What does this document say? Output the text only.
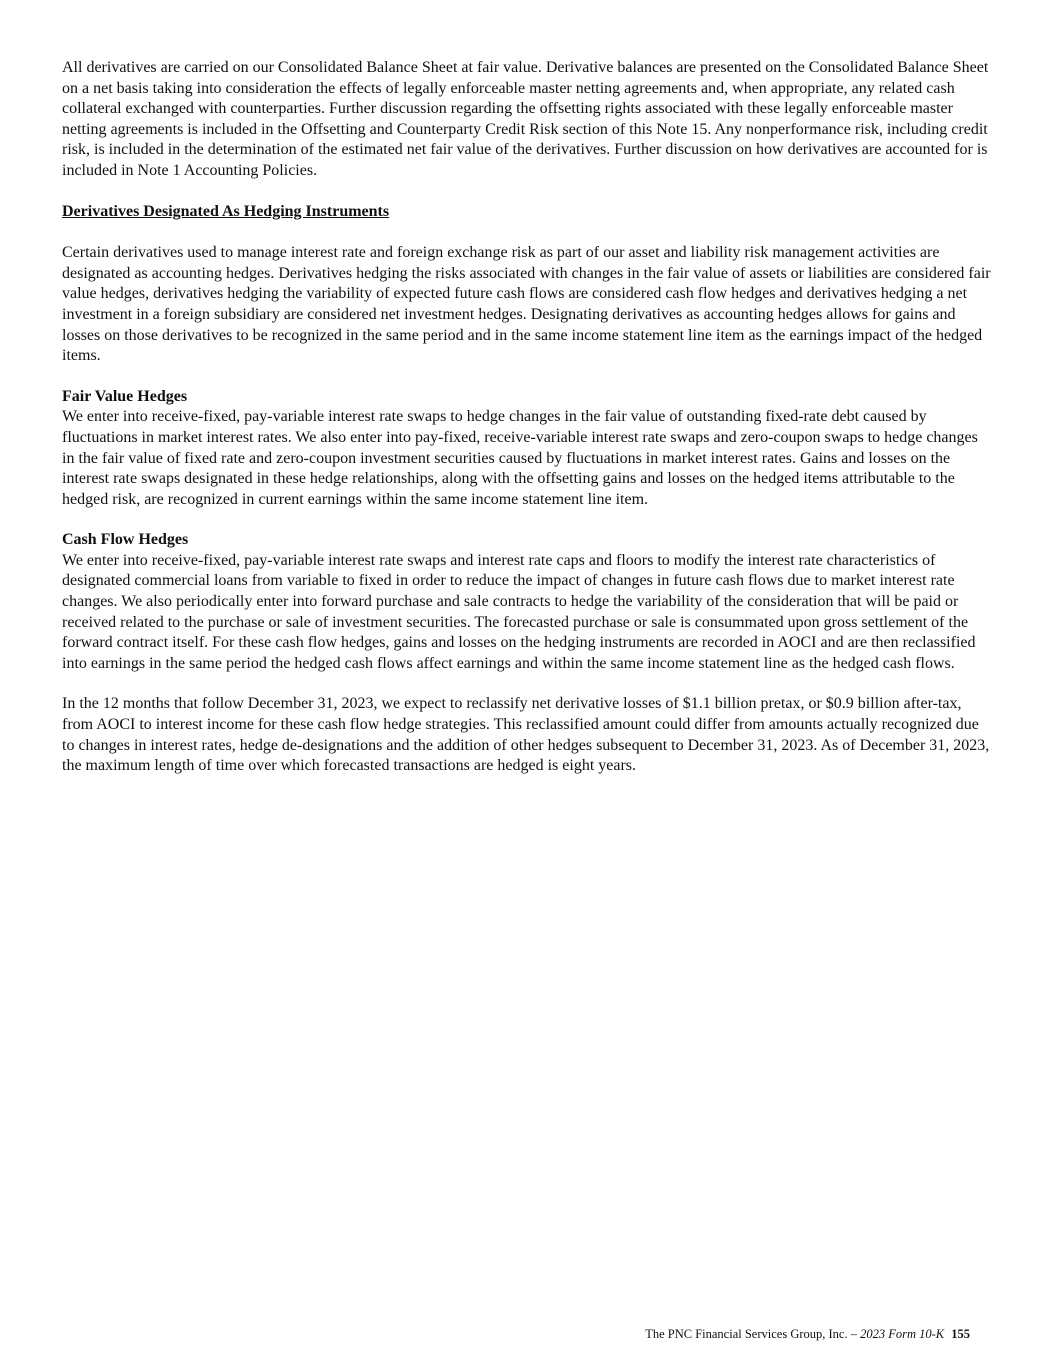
All derivatives are carried on our Consolidated Balance Sheet at fair value. Derivative balances are presented on the Consolidated Balance Sheet on a net basis taking into consideration the effects of legally enforceable master netting agreements and, when appropriate, any related cash collateral exchanged with counterparties. Further discussion regarding the offsetting rights associated with these legally enforceable master netting agreements is included in the Offsetting and Counterparty Credit Risk section of this Note 15. Any nonperformance risk, including credit risk, is included in the determination of the estimated net fair value of the derivatives. Further discussion on how derivatives are accounted for is included in Note 1 Accounting Policies.

Derivatives Designated As Hedging Instruments

Certain derivatives used to manage interest rate and foreign exchange risk as part of our asset and liability risk management activities are designated as accounting hedges. Derivatives hedging the risks associated with changes in the fair value of assets or liabilities are considered fair value hedges, derivatives hedging the variability of expected future cash flows are considered cash flow hedges and derivatives hedging a net investment in a foreign subsidiary are considered net investment hedges. Designating derivatives as accounting hedges allows for gains and losses on those derivatives to be recognized in the same period and in the same income statement line item as the earnings impact of the hedged items.

Fair Value Hedges

We enter into receive-fixed, pay-variable interest rate swaps to hedge changes in the fair value of outstanding fixed-rate debt caused by fluctuations in market interest rates. We also enter into pay-fixed, receive-variable interest rate swaps and zero-coupon swaps to hedge changes in the fair value of fixed rate and zero-coupon investment securities caused by fluctuations in market interest rates. Gains and losses on the interest rate swaps designated in these hedge relationships, along with the offsetting gains and losses on the hedged items attributable to the hedged risk, are recognized in current earnings within the same income statement line item.

Cash Flow Hedges

We enter into receive-fixed, pay-variable interest rate swaps and interest rate caps and floors to modify the interest rate characteristics of designated commercial loans from variable to fixed in order to reduce the impact of changes in future cash flows due to market interest rate changes. We also periodically enter into forward purchase and sale contracts to hedge the variability of the consideration that will be paid or received related to the purchase or sale of investment securities. The forecasted purchase or sale is consummated upon gross settlement of the forward contract itself. For these cash flow hedges, gains and losses on the hedging instruments are recorded in AOCI and are then reclassified into earnings in the same period the hedged cash flows affect earnings and within the same income statement line as the hedged cash flows.

In the 12 months that follow December 31, 2023, we expect to reclassify net derivative losses of $1.1 billion pretax, or $0.9 billion after-tax, from AOCI to interest income for these cash flow hedge strategies. This reclassified amount could differ from amounts actually recognized due to changes in interest rates, hedge de-designations and the addition of other hedges subsequent to December 31, 2023. As of December 31, 2023, the maximum length of time over which forecasted transactions are hedged is eight years.

The PNC Financial Services Group, Inc. – 2023 Form 10-K 155
